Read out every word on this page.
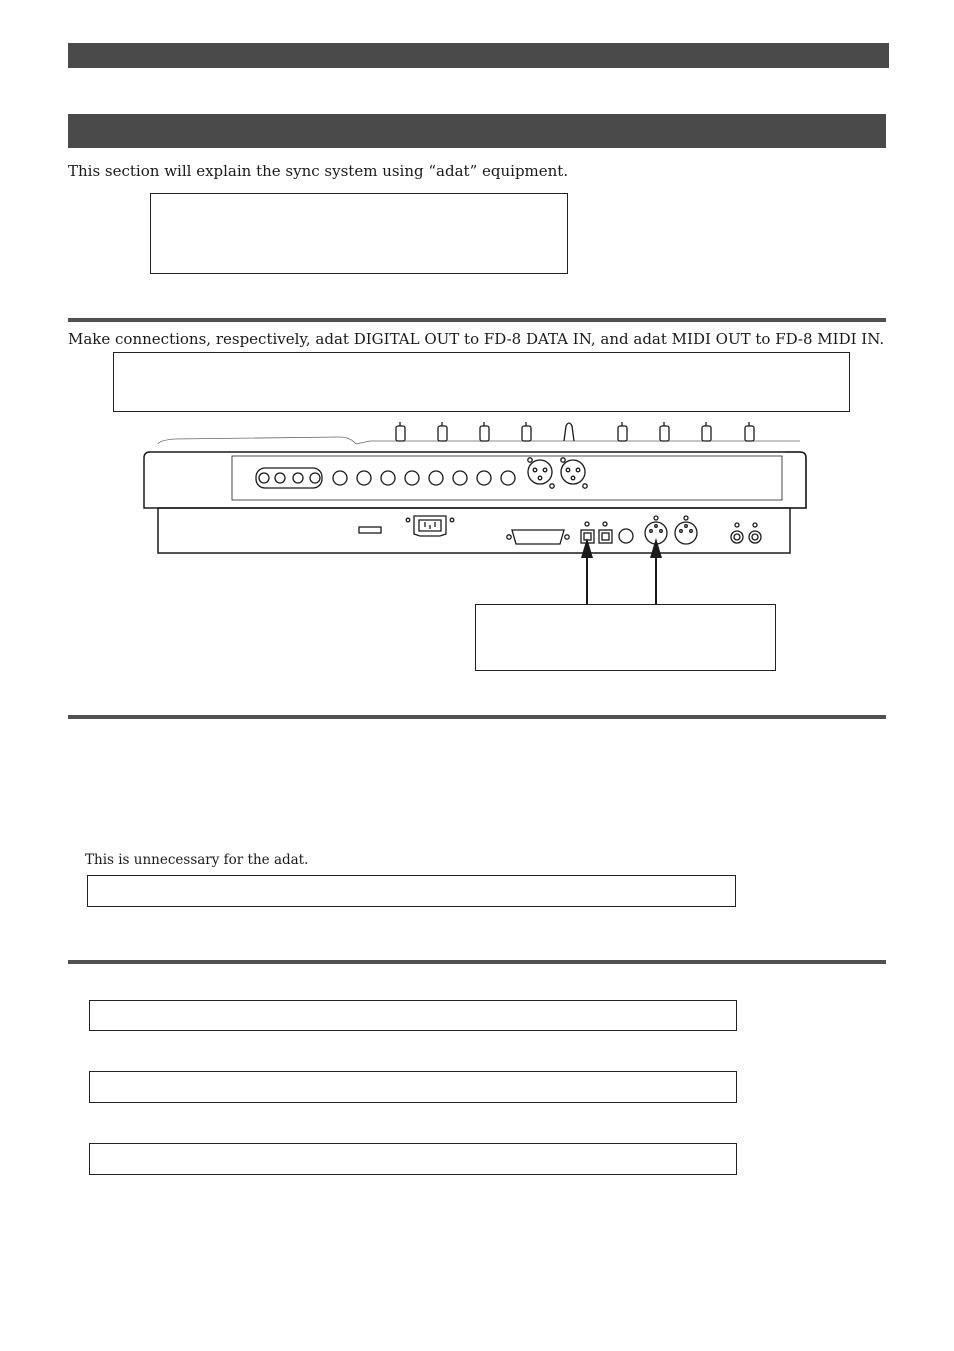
This section will explain the sync system using “adat” equipment.
Make connections, respectively, adat DIGITAL OUT to FD-8 DATA IN, and adat MIDI OUT to FD-8 MIDI IN.
This is unnecessary for the adat.
